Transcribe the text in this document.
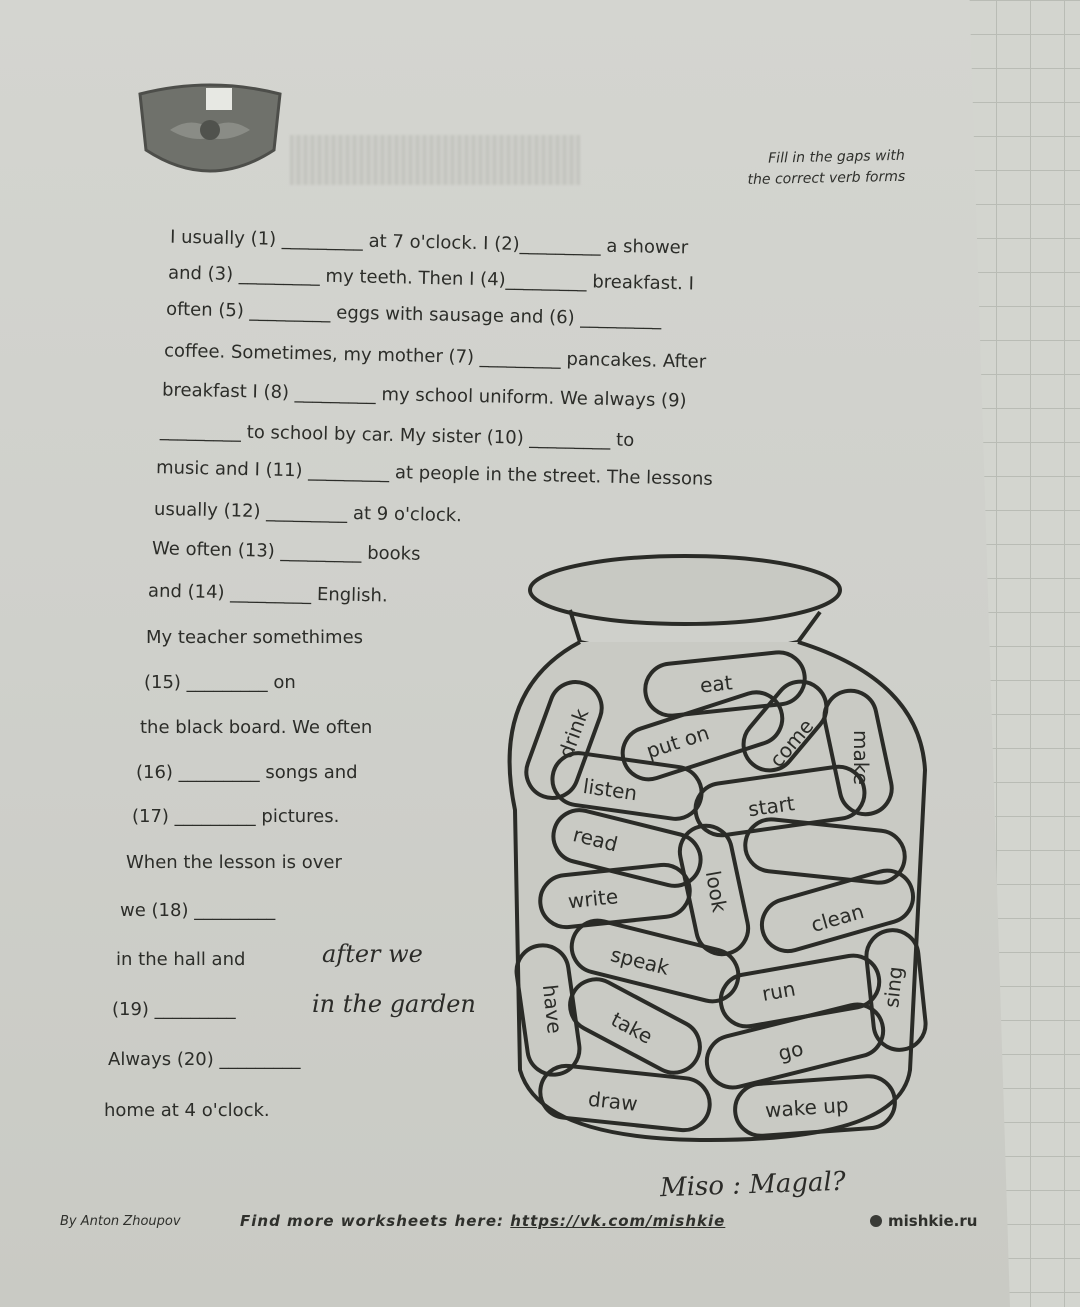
Fill in the gaps with
the correct verb forms
I usually (1) _________ at 7 o'clock. I (2)_________ a shower
and (3) _________ my teeth. Then I (4)_________ breakfast. I
often (5) _________ eggs with sausage and (6) _________
coffee. Sometimes, my mother (7) _________ pancakes. After
breakfast I (8) _________ my school uniform. We always (9)
_________ to school by car. My sister (10) _________ to
music and I (11) _________ at people in the street. The lessons
usually (12) _________ at 9 o'clock.
We often (13) _________ books
and (14) _________ English.
My teacher somethimes
(15) _________ on
the black board. We often
(16) _________ songs and
(17) _________ pictures.
When the lesson is over
we (18) _________
in the hall and
(19) _________
Always (20) _________
home at 4 o'clock.
after we
in the garden
Miso : Magal?
eat
drink put on	come make
listen
start
read
look
write
clean
speak
have	run	sing
take
go
draw	wake up
By Anton Zhoupov	Find more worksheets here: https://vk.com/mishkie	mishkie.ru
